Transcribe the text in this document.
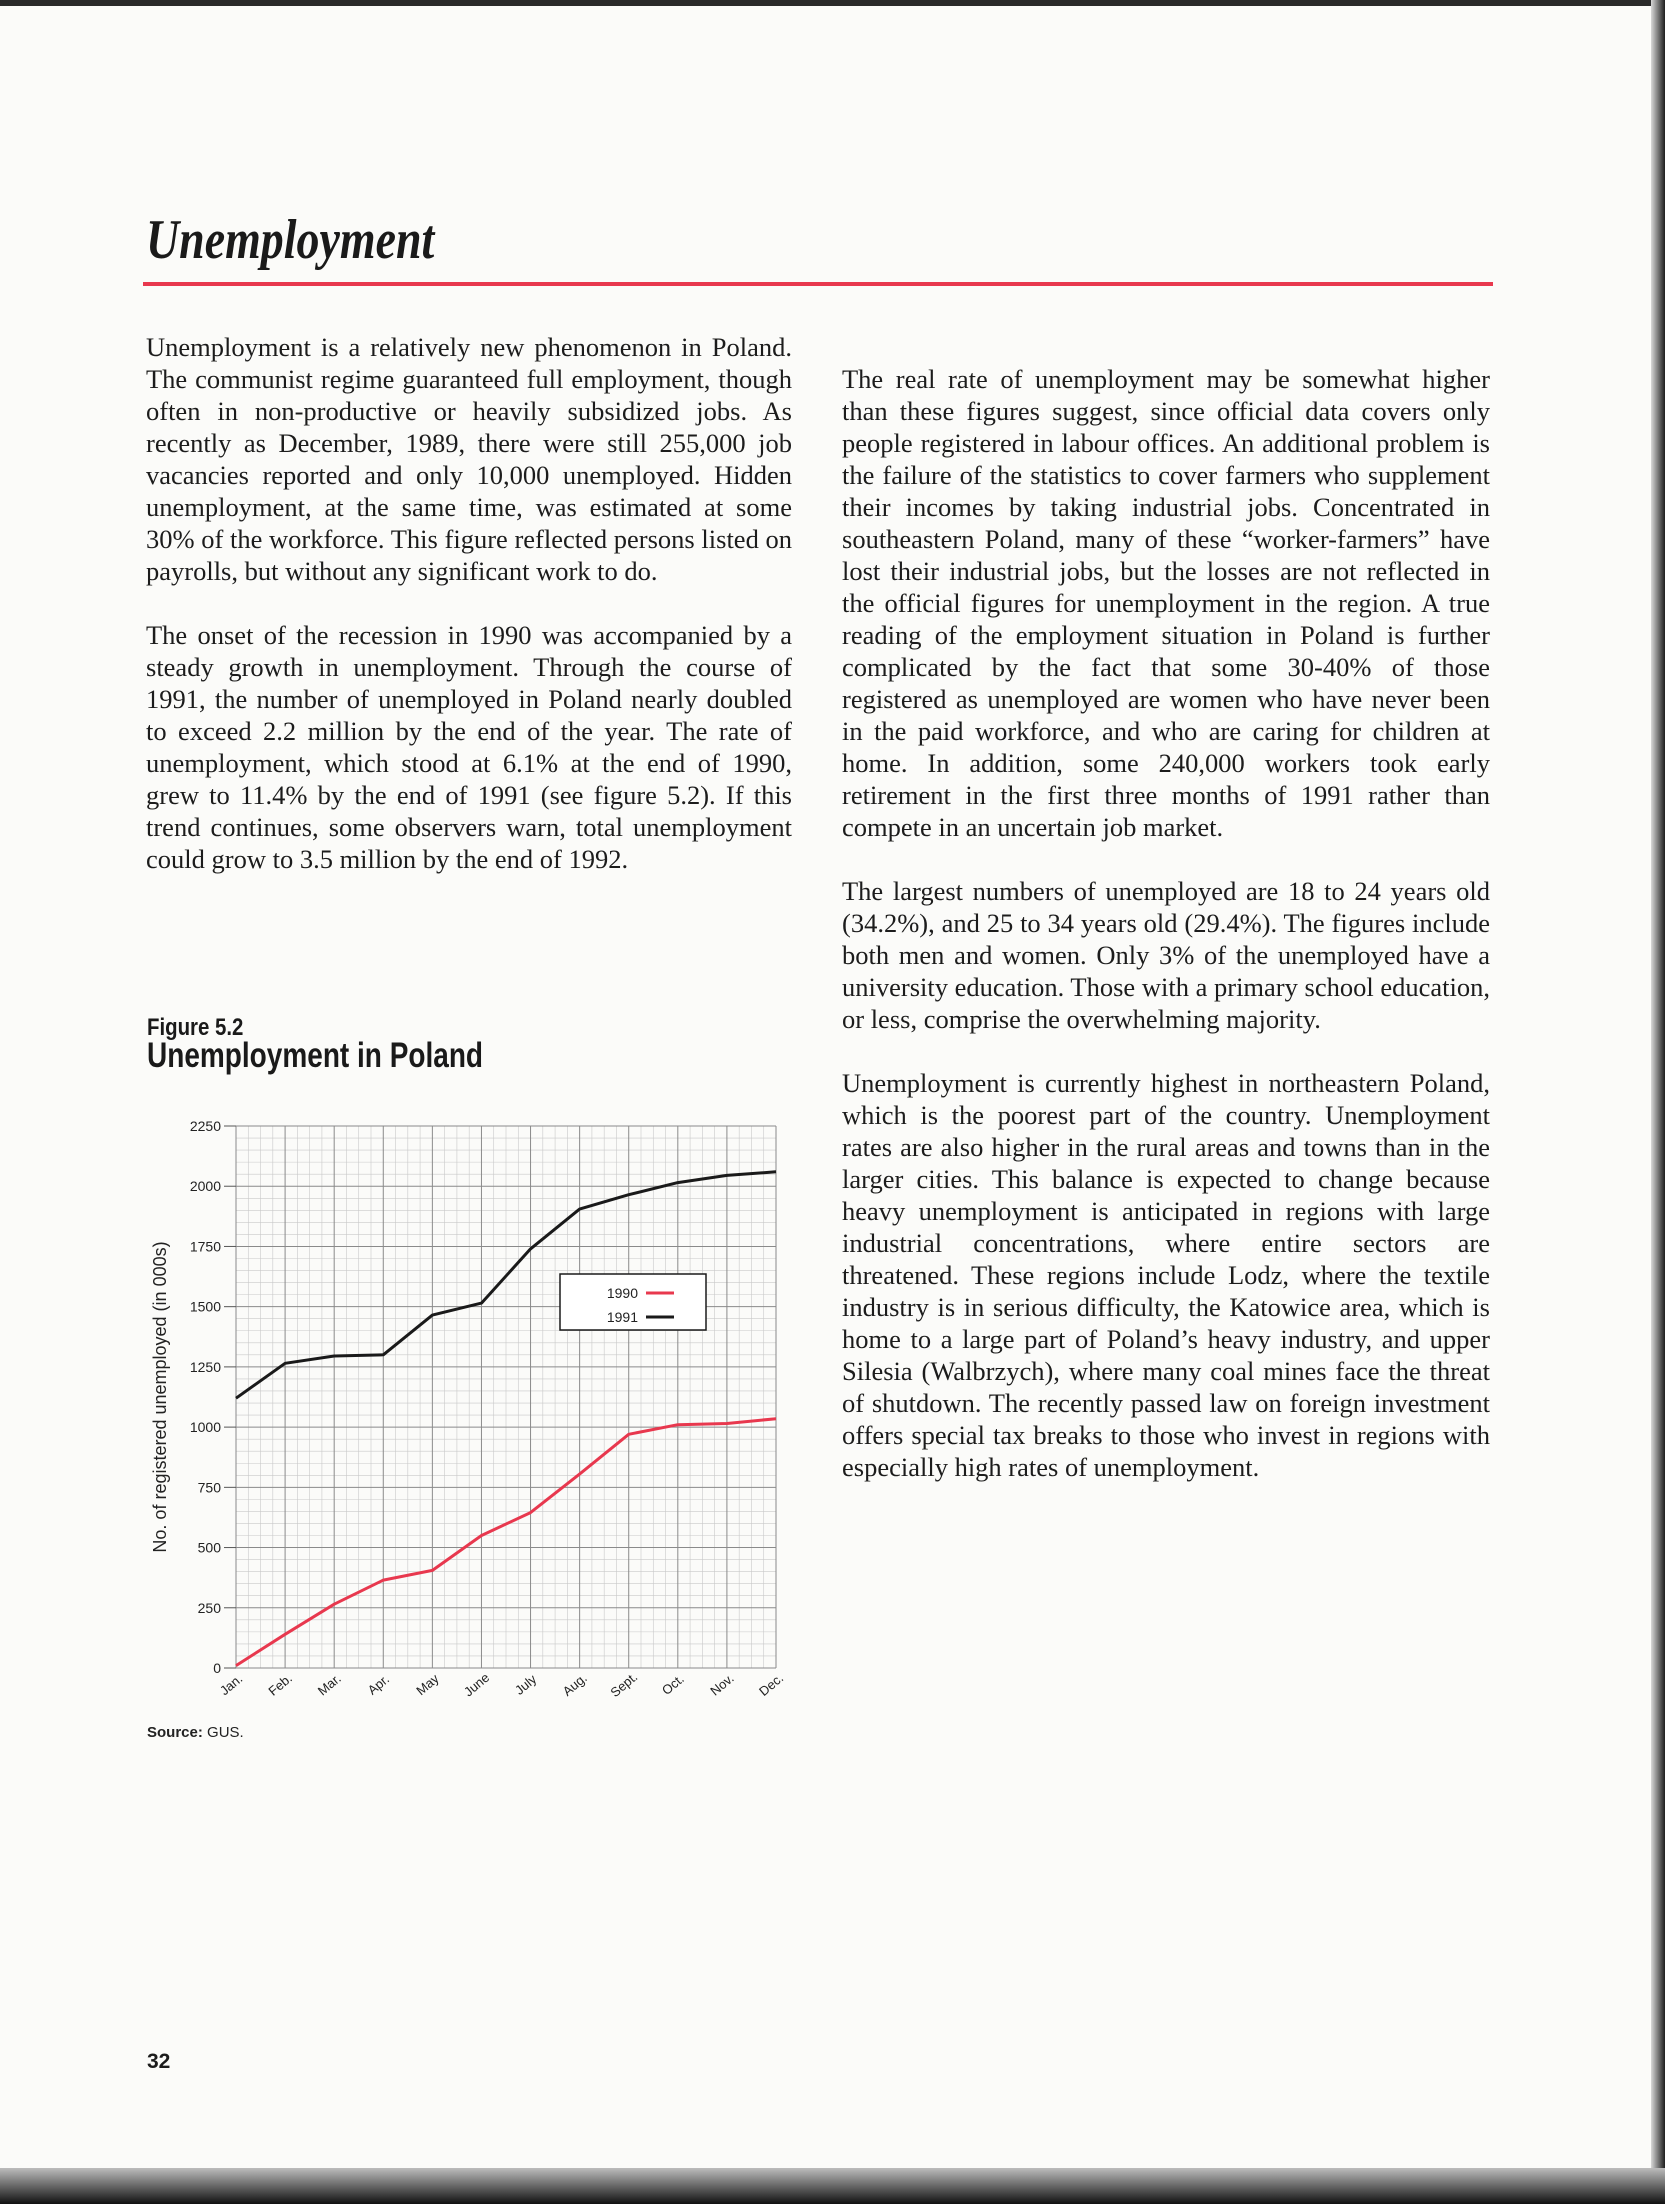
Unemployment

Unemployment is a relatively new phenomenon in Poland. The communist regime guaranteed full employment, though often in non-productive or heavily subsidized jobs. As recently as December, 1989, there were still 255,000 job vacancies reported and only 10,000 unemployed. Hidden unemployment, at the same time, was estimated at some 30% of the workforce. This figure reflected persons listed on payrolls, but without any significant work to do.

The onset of the recession in 1990 was accompanied by a steady growth in unemployment. Through the course of 1991, the number of unemployed in Poland nearly doubled to exceed 2.2 million by the end of the year. The rate of unemployment, which stood at 6.1% at the end of 1990, grew to 11.4% by the end of 1991 (see figure 5.2). If this trend continues, some observers warn, total unemployment could grow to 3.5 million by the end of 1992.

The real rate of unemployment may be somewhat higher than these figures suggest, since official data covers only people registered in labour offices. An additional problem is the failure of the statistics to cover farmers who supplement their incomes by taking industrial jobs. Concentrated in southeastern Poland, many of these “worker-farmers” have lost their industrial jobs, but the losses are not reflected in the official figures for unemployment in the region. A true reading of the employment situation in Poland is further complicated by the fact that some 30-40% of those registered as unemployed are women who have never been in the paid workforce, and who are caring for children at home. In addition, some 240,000 workers took early retirement in the first three months of 1991 rather than compete in an uncertain job market.

The largest numbers of unemployed are 18 to 24 years old (34.2%), and 25 to 34 years old (29.4%). The figures include both men and women. Only 3% of the unemployed have a university education. Those with a primary school education, or less, comprise the overwhelming majority.

Unemployment is currently highest in northeastern Poland, which is the poorest part of the country. Unemployment rates are also higher in the rural areas and towns than in the larger cities. This balance is expected to change because heavy unemployment is anticipated in regions with large industrial concentrations, where entire sectors are threatened. These regions include Lodz, where the textile industry is in serious difficulty, the Katowice area, which is home to a large part of Poland’s heavy industry, and upper Silesia (Walbrzych), where many coal mines face the threat of shutdown. The recently passed law on foreign investment offers special tax breaks to those who invest in regions with especially high rates of unemployment.

Figure 5.2
Unemployment in Poland
0
250
500
750
1000
1250
1500
1750
2000
2250
Jan. Feb. Mar. Apr. May June July Aug. Sept. Oct. Nov. Dec.
No. of registered unemployed (in 000s)	1990
1991
Source: GUS.
32
